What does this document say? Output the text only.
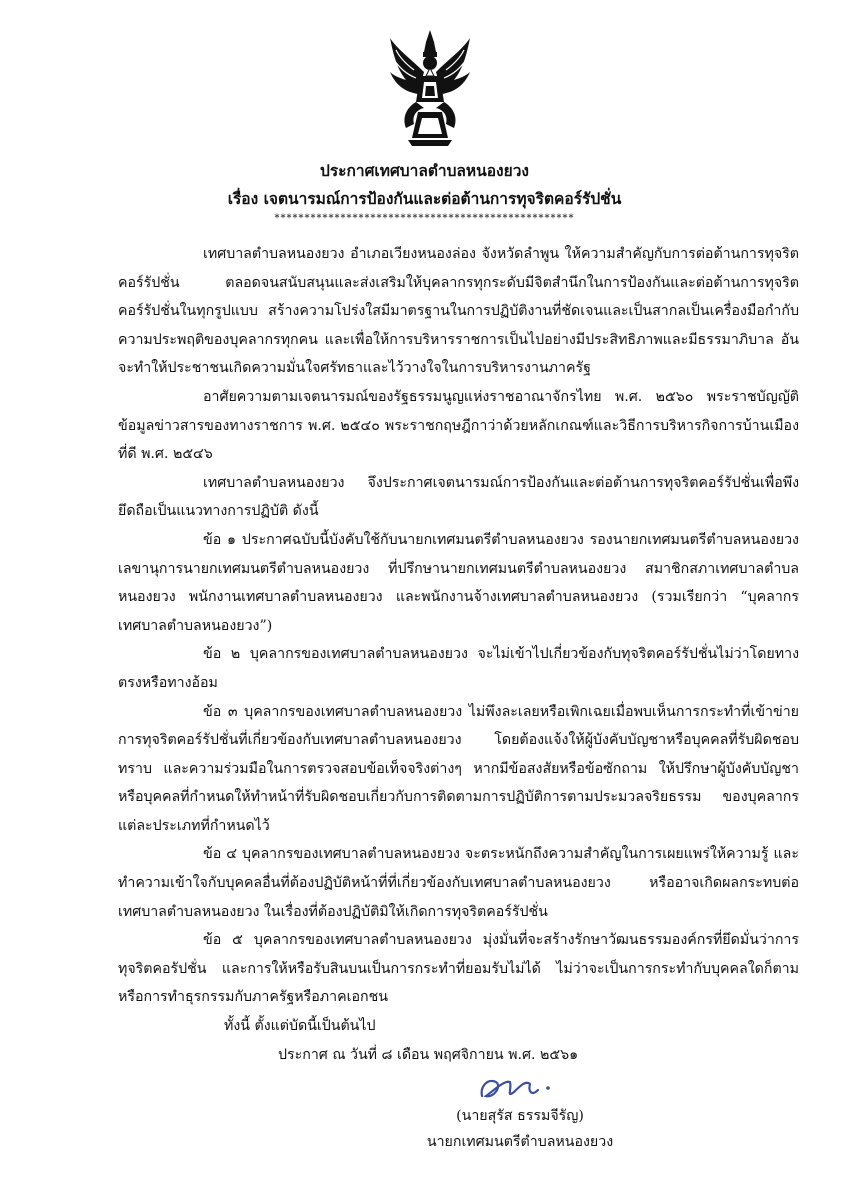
ประกาศเทศบาลตำบลหนองยวง
เรื่อง เจตนารมณ์การป้องกันและต่อต้านการทุจริตคอร์รัปชั่น
**************************************************

เทศบาลตำบลหนองยวง อำเภอเวียงหนองล่อง จังหวัดลำพูน ให้ความสำคัญกับการต่อต้านการทุจริตคอร์รัปชั่น ตลอดจนสนับสนุนและส่งเสริมให้บุคลากรทุกระดับมีจิตสำนึกในการป้องกันและต่อต้านการทุจริตคอร์รัปชั่นในทุกรูปแบบ สร้างความโปร่งใสมีมาตรฐานในการปฏิบัติงานที่ชัดเจนและเป็นสากลเป็นเครื่องมือกำกับ ความประพฤติของบุคลากรทุกคน และเพื่อให้การบริหารราชการเป็นไปอย่างมีประสิทธิภาพและมีธรรมาภิบาล อันจะทำให้ประชาชนเกิดความมั่นใจศรัทธาและไว้วางใจในการบริหารงานภาครัฐ

อาศัยความตามเจตนารมณ์ของรัฐธรรมนูญแห่งราชอาณาจักรไทย พ.ศ. ๒๕๖๐ พระราชบัญญัติข้อมูลข่าวสารของทางราชการ พ.ศ. ๒๕๔๐ พระราชกฤษฎีกาว่าด้วยหลักเกณฑ์และวิธีการบริหารกิจการบ้านเมืองที่ดี พ.ศ. ๒๕๔๖

เทศบาลตำบลหนองยวง จึงประกาศเจตนารมณ์การป้องกันและต่อต้านการทุจริตคอร์รัปชั่นเพื่อพึงยึดถือเป็นแนวทางการปฏิบัติ ดังนี้

ข้อ ๑ ประกาศฉบับนี้บังคับใช้กับนายกเทศมนตรีตำบลหนองยวง รองนายกเทศมนตรีตำบลหนองยวง เลขานุการนายกเทศมนตรีตำบลหนองยวง ที่ปรึกษานายกเทศมนตรีตำบลหนองยวง สมาชิกสภาเทศบาลตำบลหนองยวง พนักงานเทศบาลตำบลหนองยวง และพนักงานจ้างเทศบาลตำบลหนองยวง (รวมเรียกว่า “บุคลากรเทศบาลตำบลหนองยวง”)

ข้อ ๒ บุคลากรของเทศบาลตำบลหนองยวง จะไม่เข้าไปเกี่ยวข้องกับทุจริตคอร์รัปชั่นไม่ว่าโดยทางตรงหรือทางอ้อม

ข้อ ๓ บุคลากรของเทศบาลตำบลหนองยวง ไม่พึงละเลยหรือเพิกเฉยเมื่อพบเห็นการกระทำที่เข้าข่ายการทุจริตคอร์รัปชั่นที่เกี่ยวข้องกับเทศบาลตำบลหนองยวง โดยต้องแจ้งให้ผู้บังคับบัญชาหรือบุคคลที่รับผิดชอบทราบ และความร่วมมือในการตรวจสอบข้อเท็จจริงต่างๆ หากมีข้อสงสัยหรือข้อซักถาม ให้ปรึกษาผู้บังคับบัญชาหรือบุคคลที่กำหนดให้ทำหน้าที่รับผิดชอบเกี่ยวกับการติดตามการปฏิบัติการตามประมวลจริยธรรม ของบุคลากรแต่ละประเภทที่กำหนดไว้

ข้อ ๔ บุคลากรของเทศบาลตำบลหนองยวง จะตระหนักถึงความสำคัญในการเผยแพร่ให้ความรู้ และทำความเข้าใจกับบุคคลอื่นที่ต้องปฏิบัติหน้าที่ที่เกี่ยวข้องกับเทศบาลตำบลหนองยวง หรืออาจเกิดผลกระทบต่อเทศบาลตำบลหนองยวง ในเรื่องที่ต้องปฏิบัติมิให้เกิดการทุจริตคอร์รัปชั่น

ข้อ ๕ บุคลากรของเทศบาลตำบลหนองยวง มุ่งมั่นที่จะสร้างรักษาวัฒนธรรมองค์กรที่ยึดมั่นว่าการทุจริตคอรัปชั่น และการให้หรือรับสินบนเป็นการกระทำที่ยอมรับไม่ได้ ไม่ว่าจะเป็นการกระทำกับบุคคลใดก็ตามหรือการทำธุรกรรมกับภาครัฐหรือภาคเอกชน

ทั้งนี้ ตั้งแต่บัดนี้เป็นต้นไป

ประกาศ ณ วันที่ ๘ เดือน พฤศจิกายน พ.ศ. ๒๕๖๑

(นายสุรัส ธรรมจีรัญ)
นายกเทศมนตรีตำบลหนองยวง
